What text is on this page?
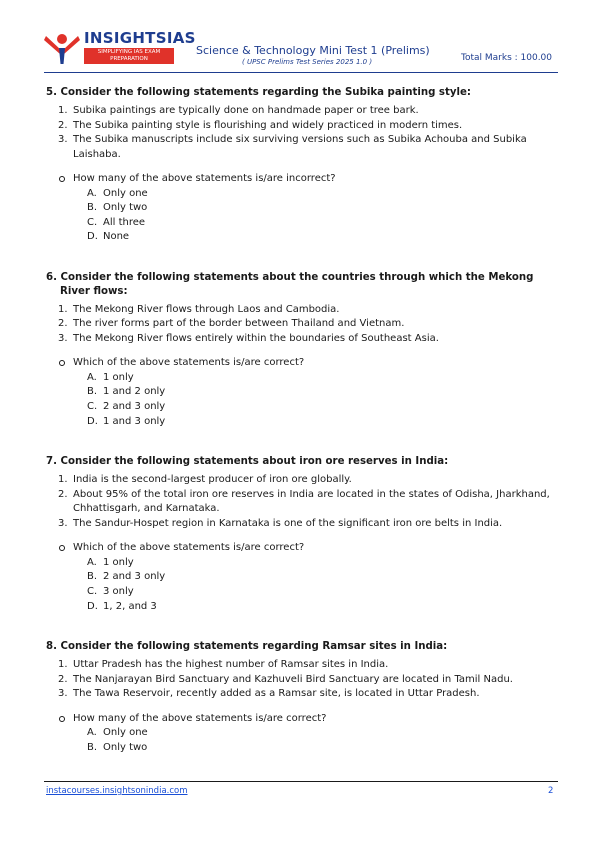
INSIGHTSIAS
SIMPLIFYING IAS EXAM PREPARATION
Science & Technology Mini Test 1 (Prelims)
( UPSC Prelims Test Series 2025 1.0 )	Total Marks : 100.00

5. Consider the following statements regarding the Subika painting style:

1. Subika paintings are typically done on handmade paper or tree bark.
2. The Subika painting style is flourishing and widely practiced in modern times.
3. The Subika manuscripts include six surviving versions such as Subika Achouba and Subika Laishaba.
How many of the above statements is/are incorrect?
A. Only one
B. Only two
C. All three
D. None

6. Consider the following statements about the countries through which the Mekong River flows:

1. The Mekong River flows through Laos and Cambodia.
2. The river forms part of the border between Thailand and Vietnam.
3. The Mekong River flows entirely within the boundaries of Southeast Asia.
Which of the above statements is/are correct?
A. 1 only
B. 1 and 2 only
C. 2 and 3 only
D. 1 and 3 only

7. Consider the following statements about iron ore reserves in India:

1. India is the second-largest producer of iron ore globally.
2. About 95% of the total iron ore reserves in India are located in the states of Odisha, Jharkhand, Chhattisgarh, and Karnataka.
3. The Sandur-Hospet region in Karnataka is one of the significant iron ore belts in India.
Which of the above statements is/are correct?
A. 1 only
B. 2 and 3 only
C. 3 only
D. 1, 2, and 3

8. Consider the following statements regarding Ramsar sites in India:

1. Uttar Pradesh has the highest number of Ramsar sites in India.
2. The Nanjarayan Bird Sanctuary and Kazhuveli Bird Sanctuary are located in Tamil Nadu.
3. The Tawa Reservoir, recently added as a Ramsar site, is located in Uttar Pradesh.
How many of the above statements is/are correct?
A. Only one
B. Only two
instacourses.insightsonindia.com	2
